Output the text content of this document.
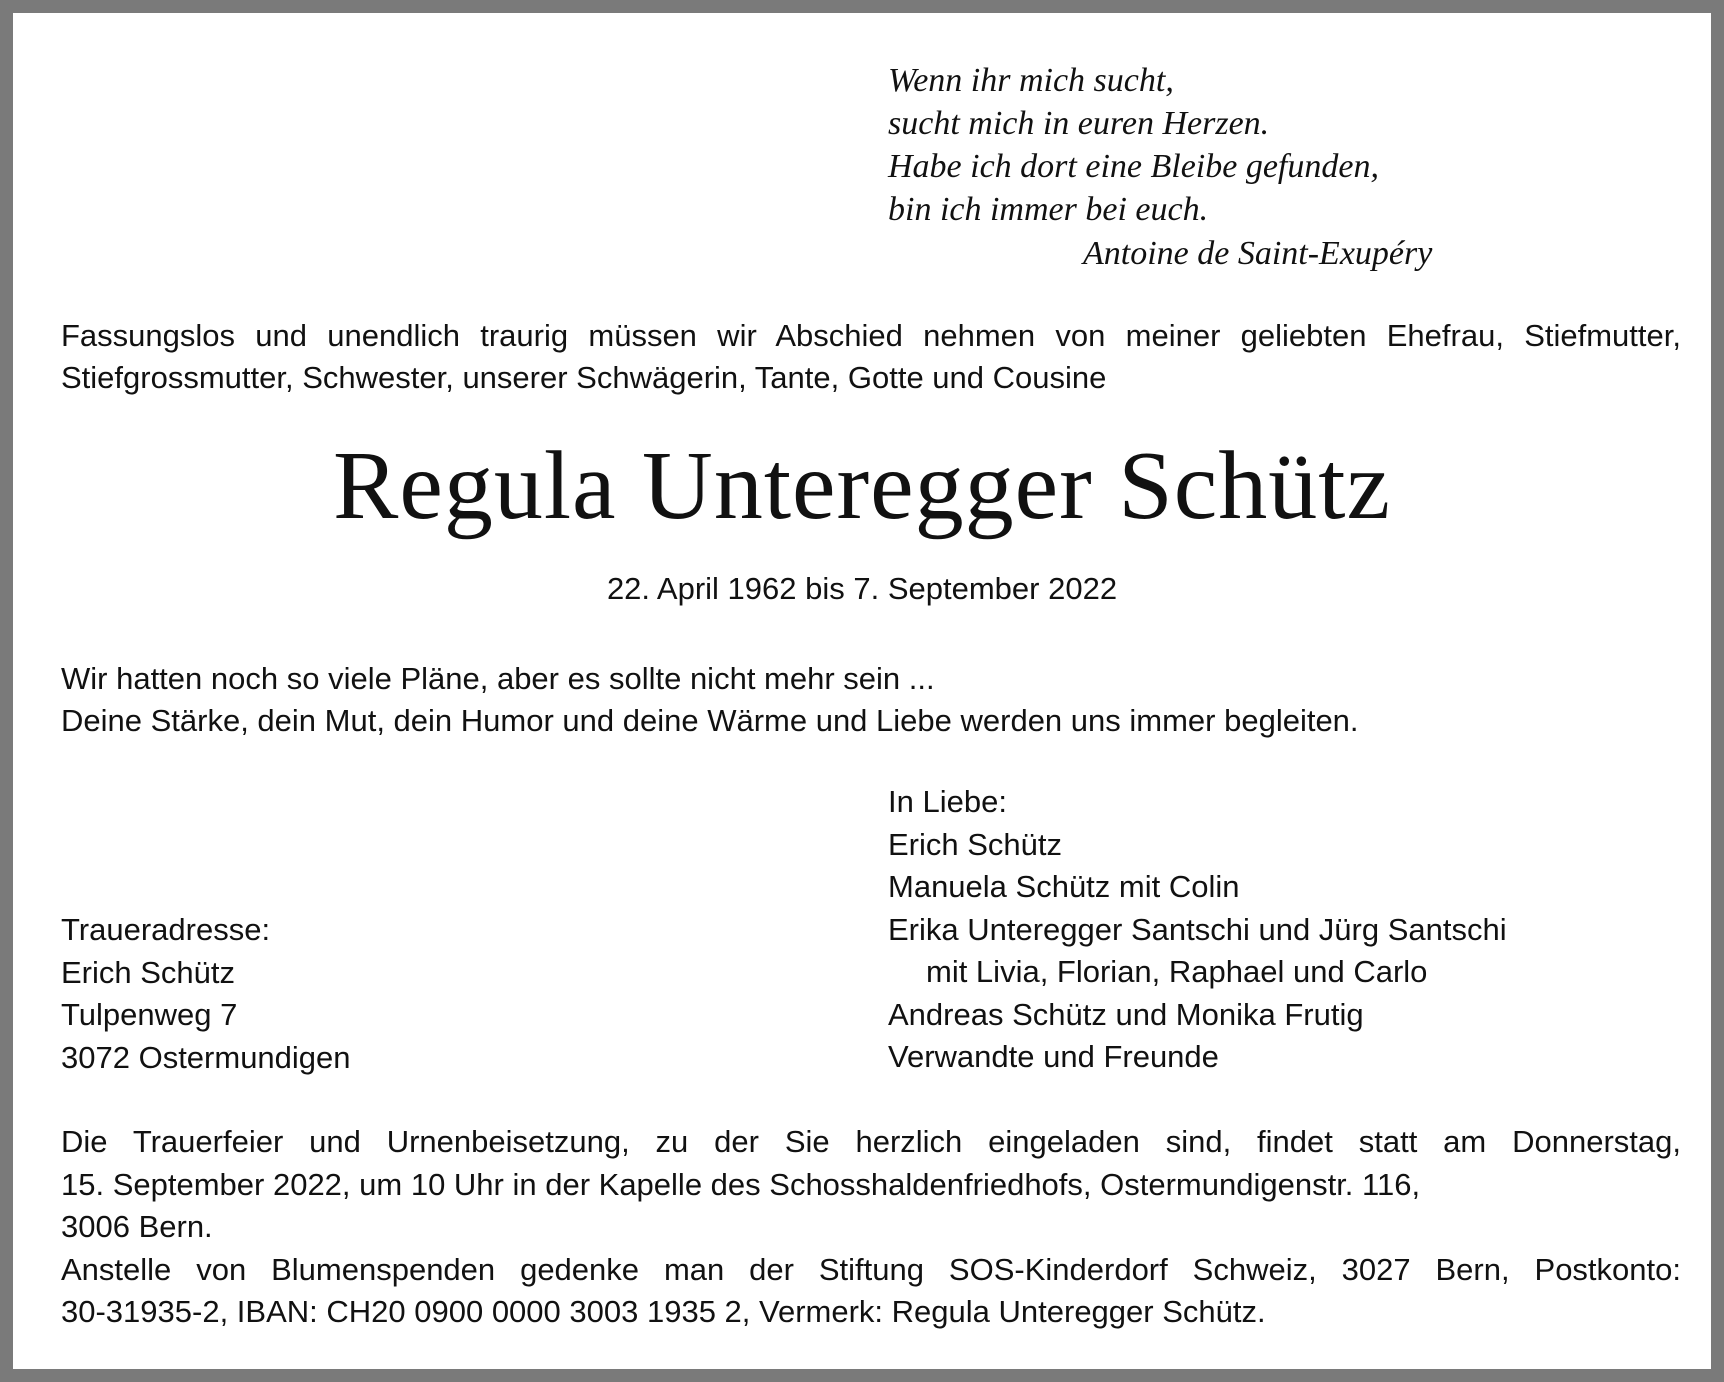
Wenn ihr mich sucht,
sucht mich in euren Herzen.
Habe ich dort eine Bleibe gefunden,
bin ich immer bei euch.
Antoine de Saint-Exupéry
Fassungslos und unendlich traurig müssen wir Abschied nehmen von meiner geliebten Ehefrau, Stiefmutter,
Stiefgrossmutter, Schwester, unserer Schwägerin, Tante, Gotte und Cousine
Regula Unteregger Schütz
22. April 1962 bis 7. September 2022
Wir hatten noch so viele Pläne, aber es sollte nicht mehr sein ...
Deine Stärke, dein Mut, dein Humor und deine Wärme und Liebe werden uns immer begleiten.
In Liebe:
Erich Schütz
Manuela Schütz mit Colin
Erika Unteregger Santschi und Jürg Santschi
mit Livia, Florian, Raphael und Carlo
Andreas Schütz und Monika Frutig
Verwandte und Freunde
Traueradresse:
Erich Schütz
Tulpenweg 7
3072 Ostermundigen
Die Trauerfeier und Urnenbeisetzung, zu der Sie herzlich eingeladen sind, findet statt am Donnerstag,
15. September 2022, um 10 Uhr in der Kapelle des Schosshaldenfriedhofs, Ostermundigenstr. 116,
3006 Bern.
Anstelle von Blumenspenden gedenke man der Stiftung SOS-Kinderdorf Schweiz, 3027 Bern, Postkonto:
30-31935-2, IBAN: CH20 0900 0000 3003 1935 2, Vermerk: Regula Unteregger Schütz.
